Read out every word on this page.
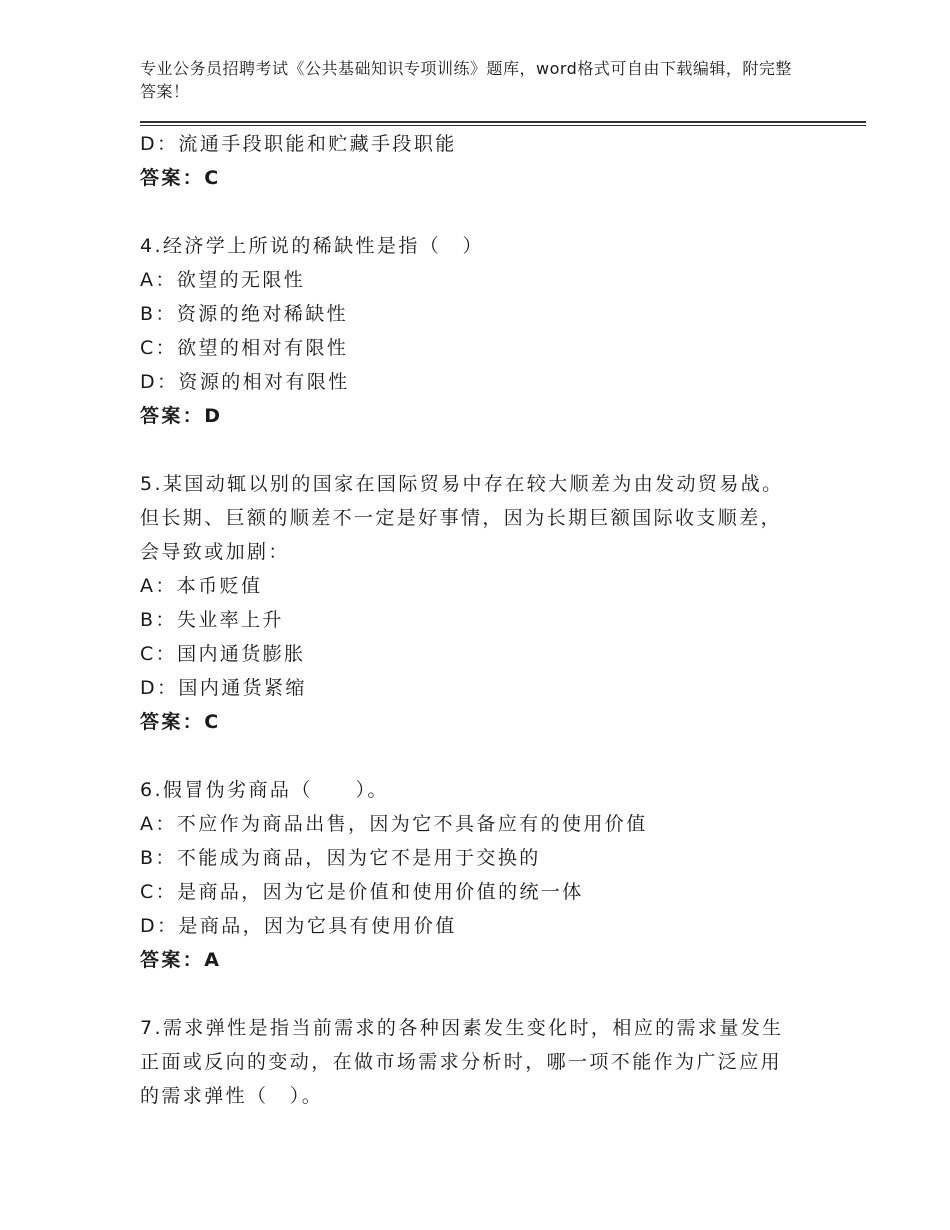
专业公务员招聘考试《公共基础知识专项训练》题库，word格式可自由下载编辑，附完整答案！
D：流通手段职能和贮藏手段职能
答案：C
4.经济学上所说的稀缺性是指（　）
A：欲望的无限性
B：资源的绝对稀缺性
C：欲望的相对有限性
D：资源的相对有限性
答案：D
5.某国动辄以别的国家在国际贸易中存在较大顺差为由发动贸易战。
但长期、巨额的顺差不一定是好事情，因为长期巨额国际收支顺差，
会导致或加剧：
A：本币贬值
B：失业率上升
C：国内通货膨胀
D：国内通货紧缩
答案：C
6.假冒伪劣商品（　　）。
A：不应作为商品出售，因为它不具备应有的使用价值
B：不能成为商品，因为它不是用于交换的
C：是商品，因为它是价值和使用价值的统一体
D：是商品，因为它具有使用价值
答案：A
7.需求弹性是指当前需求的各种因素发生变化时，相应的需求量发生
正面或反向的变动，在做市场需求分析时，哪一项不能作为广泛应用
的需求弹性（　）。
